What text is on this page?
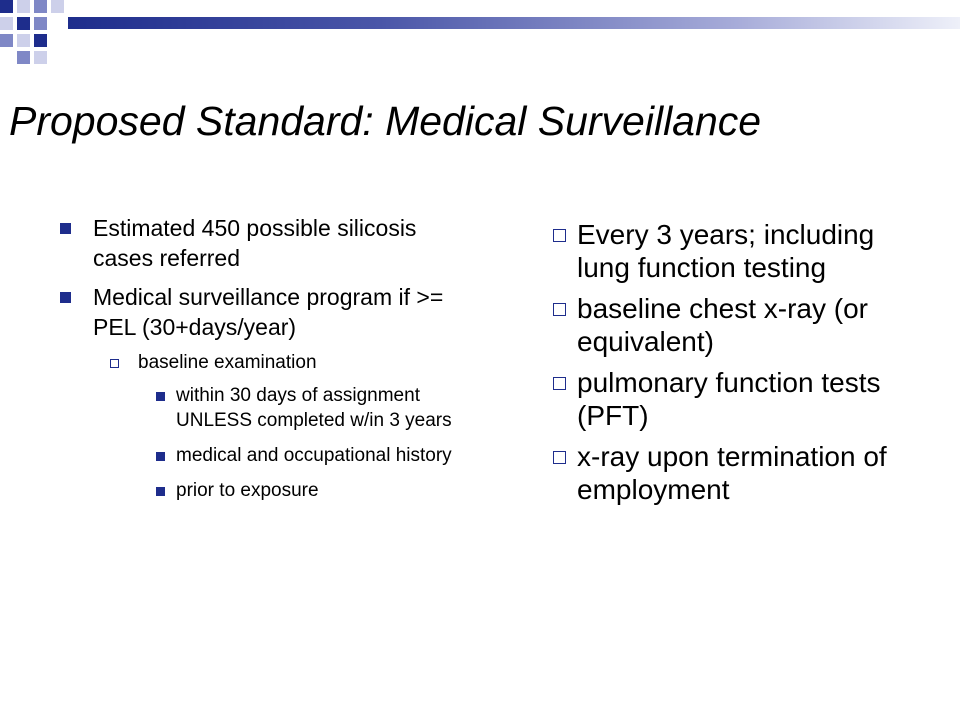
Proposed Standard: Medical Surveillance
Estimated 450 possible silicosis cases referred
Medical surveillance program if >= PEL (30+days/year)
baseline examination
within 30 days of assignment UNLESS completed w/in 3 years
medical and occupational history
prior to exposure
Every 3 years; including lung function testing
baseline chest x-ray (or equivalent)
pulmonary function tests (PFT)
x-ray upon termination of employment
